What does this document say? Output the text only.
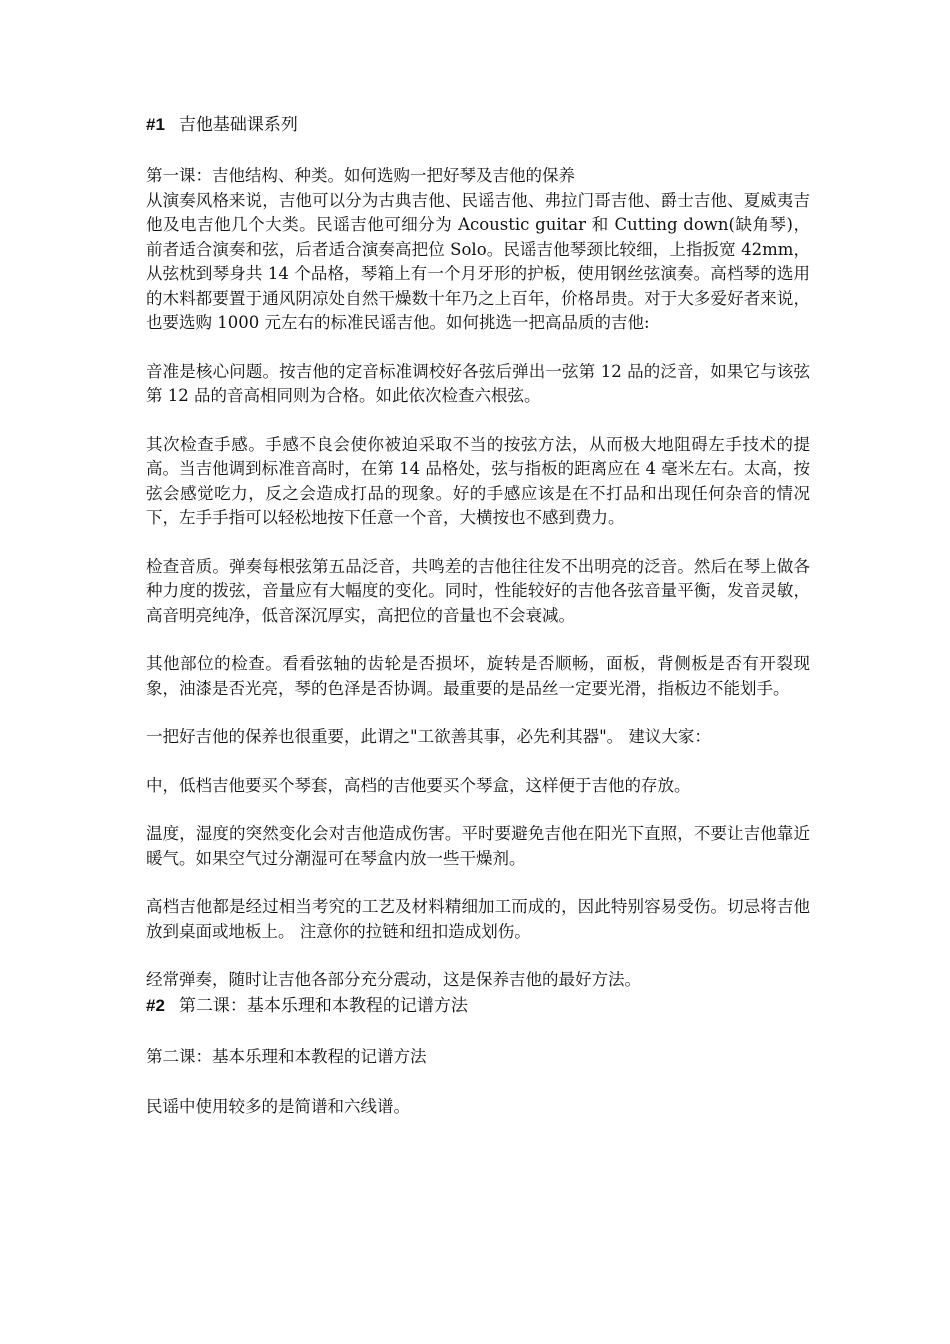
#1 吉他基础课系列

第一课：吉他结构、种类。如何选购一把好琴及吉他的保养

从演奏风格来说，吉他可以分为古典吉他、民谣吉他、弗拉门哥吉他、爵士吉他、夏威夷吉他及电吉他几个大类。民谣吉他可细分为 Acoustic guitar 和 Cutting down(缺角琴)，前者适合演奏和弦，后者适合演奏高把位 Solo。民谣吉他琴颈比较细，上指扳宽 42mm，从弦枕到琴身共 14 个品格，琴箱上有一个月牙形的护板，使用钢丝弦演奏。高档琴的选用的木料都要置于通风阴凉处自然干燥数十年乃之上百年，价格昂贵。对于大多爱好者来说，也要选购 1000 元左右的标准民谣吉他。如何挑选一把高品质的吉他:

音准是核心问题。按吉他的定音标准调校好各弦后弹出一弦第 12 品的泛音，如果它与该弦第 12 品的音高相同则为合格。如此依次检查六根弦。

其次检查手感。手感不良会使你被迫采取不当的按弦方法，从而极大地阻碍左手技术的提高。当吉他调到标准音高时，在第 14 品格处，弦与指板的距离应在 4 毫米左右。太高，按弦会感觉吃力，反之会造成打品的现象。好的手感应该是在不打品和出现任何杂音的情况下，左手手指可以轻松地按下任意一个音，大横按也不感到费力。

检查音质。弹奏每根弦第五品泛音，共鸣差的吉他往往发不出明亮的泛音。然后在琴上做各种力度的拨弦，音量应有大幅度的变化。同时，性能较好的吉他各弦音量平衡，发音灵敏，高音明亮纯净，低音深沉厚实，高把位的音量也不会衰减。

其他部位的检查。看看弦轴的齿轮是否损坏，旋转是否顺畅，面板，背侧板是否有开裂现象，油漆是否光亮，琴的色泽是否协调。最重要的是品丝一定要光滑，指板边不能划手。

一把好吉他的保养也很重要，此谓之"工欲善其事，必先利其器"。 建议大家：

中，低档吉他要买个琴套，高档的吉他要买个琴盒，这样便于吉他的存放。

温度，湿度的突然变化会对吉他造成伤害。平时要避免吉他在阳光下直照，不要让吉他靠近暖气。如果空气过分潮湿可在琴盒内放一些干燥剂。

高档吉他都是经过相当考究的工艺及材料精细加工而成的，因此特别容易受伤。切忌将吉他放到桌面或地板上。 注意你的拉链和纽扣造成划伤。

经常弹奏，随时让吉他各部分充分震动，这是保养吉他的最好方法。

#2 第二课：基本乐理和本教程的记谱方法

第二课：基本乐理和本教程的记谱方法

民谣中使用较多的是简谱和六线谱。
